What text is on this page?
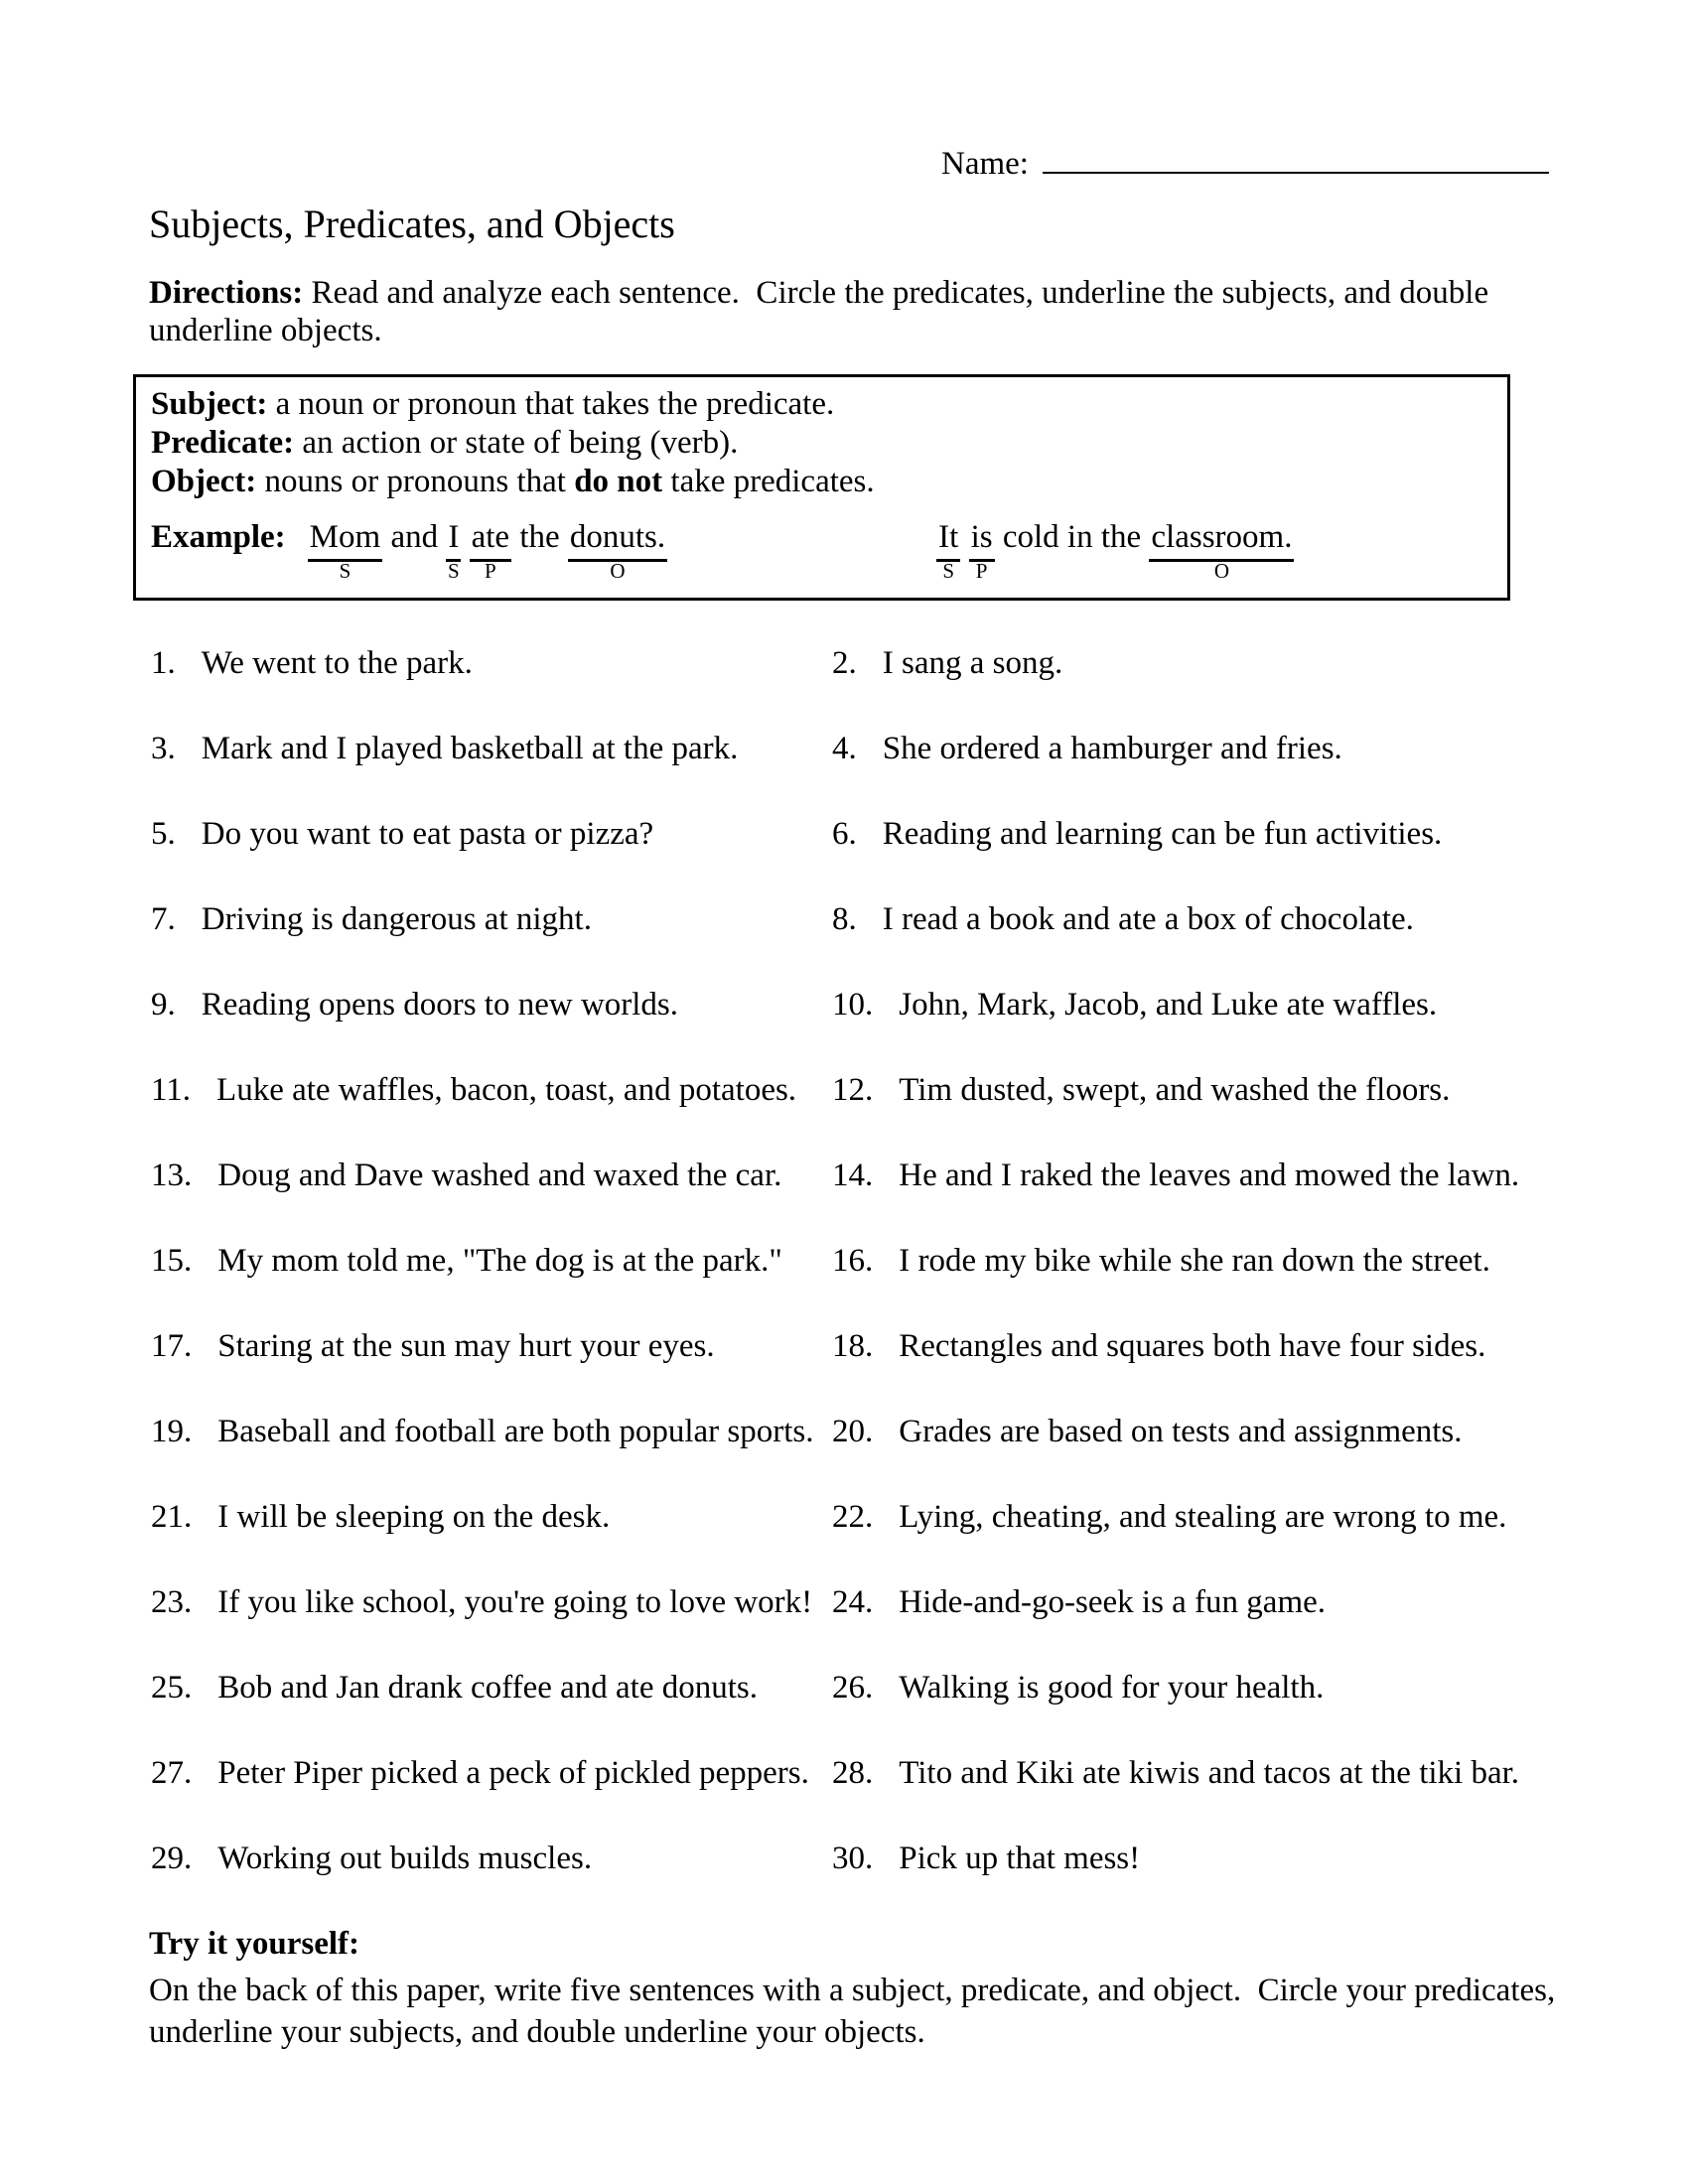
Name:
Subjects, Predicates, and Objects

Directions: Read and analyze each sentence.  Circle the predicates, underline the subjects, and double underline objects.

Subject: a noun or pronoun that takes the predicate.

Predicate: an action or state of being (verb).

Object: nouns or pronouns that do not take predicates.

Example: Mom
S
and I
S
ate
P
the donuts.
O
It
S
is
P
cold in the classroom.
O
1. We went to the park.	2. I sang a song.
3. Mark and I played basketball at the park.	4. She ordered a hamburger and fries.
5. Do you want to eat pasta or pizza?	6. Reading and learning can be fun activities.
7. Driving is dangerous at night.	8. I read a book and ate a box of chocolate.
9. Reading opens doors to new worlds.	10. John, Mark, Jacob, and Luke ate waffles.
11. Luke ate waffles, bacon, toast, and potatoes.	12. Tim dusted, swept, and washed the floors.
13. Doug and Dave washed and waxed the car.	14. He and I raked the leaves and mowed the lawn.
15. My mom told me, "The dog is at the park."	16. I rode my bike while she ran down the street.
17. Staring at the sun may hurt your eyes.	18. Rectangles and squares both have four sides.
19. Baseball and football are both popular sports. 20. Grades are based on tests and assignments.
21. I will be sleeping on the desk.	22. Lying, cheating, and stealing are wrong to me.
23. If you like school, you're going to love work! 24. Hide-and-go-seek is a fun game.
25. Bob and Jan drank coffee and ate donuts.	26. Walking is good for your health.
27. Peter Piper picked a peck of pickled peppers. 28. Tito and Kiki ate kiwis and tacos at the tiki bar.
29. Working out builds muscles.	30. Pick up that mess!

Try it yourself:

On the back of this paper, write five sentences with a subject, predicate, and object.  Circle your predicates, underline your subjects, and double underline your objects.
